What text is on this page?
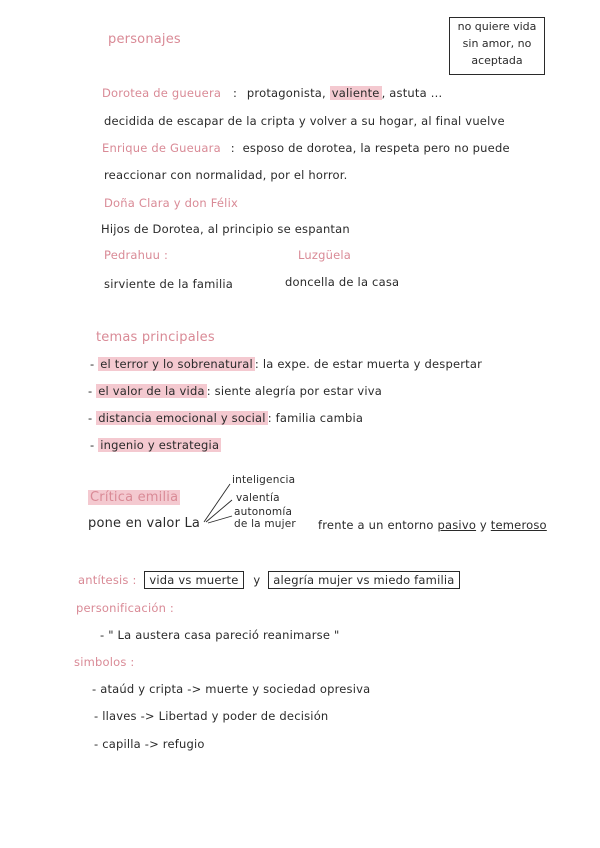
no quiere vida
sin amor, no
aceptada
personajes
Dorotea de gueuera : protagonista, valiente , astuta ...
decidida de escapar de la cripta y volver a su hogar, al final vuelve
Enrique de Gueuara : esposo de dorotea, la respeta pero no puede
reaccionar con normalidad, por el horror.
Doña Clara y don Félix
Hijos de Dorotea, al principio se espantan
Pedrahuu :	Luzgüela
sirviente de la familia	doncella de la casa
temas principales
- el terror y lo sobrenatural : la expe. de estar muerta y despertar
- el valor de la vida : siente alegría por estar viva
- distancia emocional y social : familia cambia
- ingenio y estrategia
Crítica emilia
inteligencia
valentía
autonomía
de la mujer
pone en valor La	frente a un entorno pasivo y temeroso
antítesis : vida vs muerte y alegría mujer vs miedo familia
personificación :
- " La austera casa pareció reanimarse "
simbolos :
- ataúd y cripta -> muerte y sociedad opresiva
- llaves -> Libertad y poder de decisión
- capilla -> refugio
